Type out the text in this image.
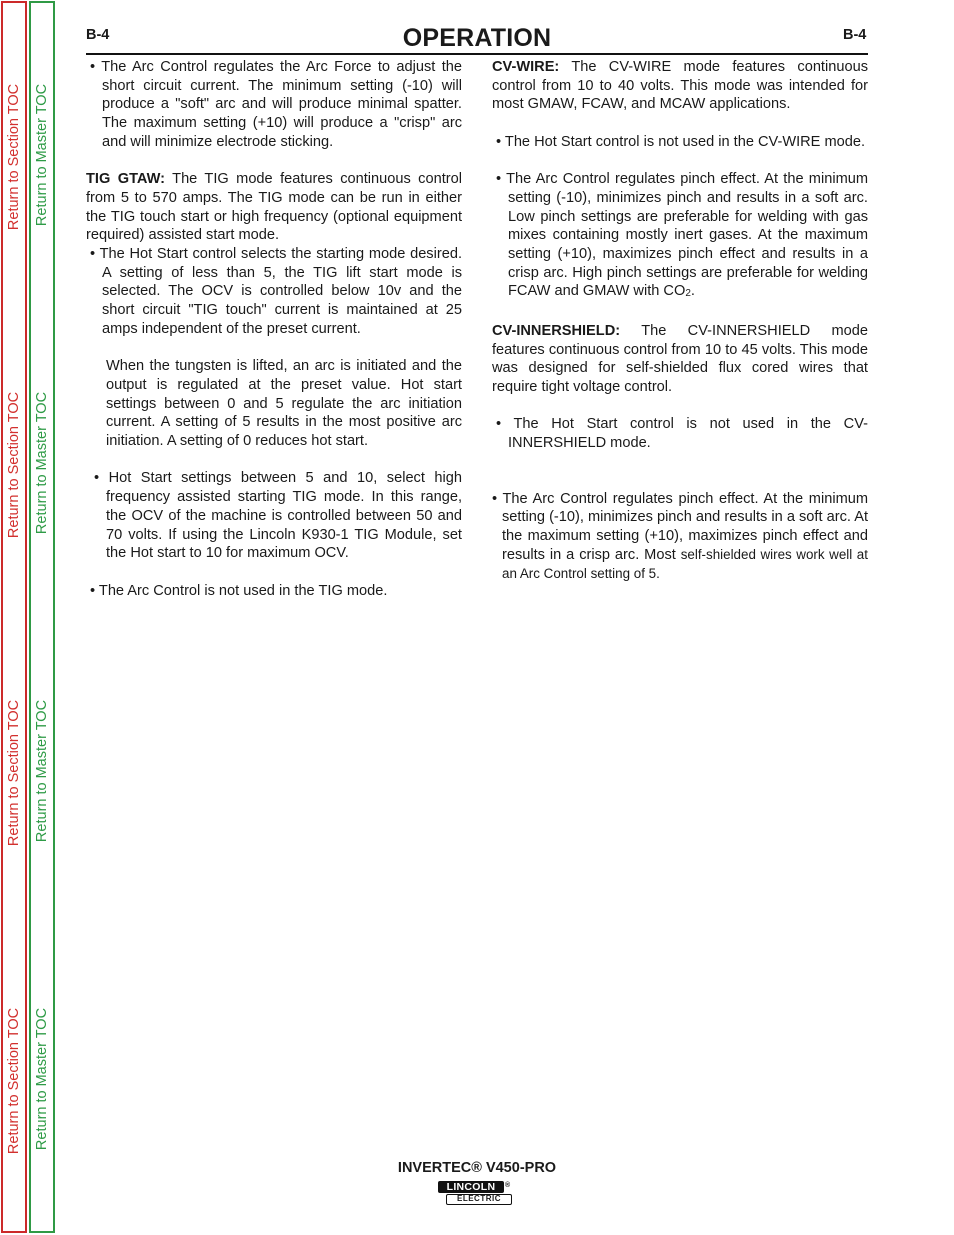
Return to Section TOC
Return to Section TOC
Return to Section TOC
Return to Section TOC
Return to Master TOC
Return to Master TOC
Return to Master TOC
Return to Master TOC
B-4	OPERATION	B-4

• The Arc Control regulates the Arc Force to adjust the short circuit current. The minimum setting (-10) will produce a "soft" arc and will produce minimal spatter. The maximum setting (+10) will produce a "crisp" arc and will minimize electrode sticking.

TIG GTAW: The TIG mode features continuous control from 5 to 570 amps. The TIG mode can be run in either the TIG touch start or high frequency (optional equipment required) assisted start mode.

• The Hot Start control selects the starting mode desired. A setting of less than 5, the TIG lift start mode is selected. The OCV is controlled below 10v and the short circuit "TIG touch" current is maintained at 25 amps independent of the preset current.

When the tungsten is lifted, an arc is initiated and the output is regulated at the preset value. Hot start settings between 0 and 5 regulate the arc initiation current. A setting of 5 results in the most positive arc initiation. A setting of 0 reduces hot start.

• Hot Start settings between 5 and 10, select high frequency assisted starting TIG mode. In this range, the OCV of the machine is controlled between 50 and 70 volts. If using the Lincoln K930-1 TIG Module, set the Hot start to 10 for maximum OCV.

• The Arc Control is not used in the TIG mode.

CV-WIRE: The CV-WIRE mode features continuous control from 10 to 40 volts. This mode was intended for most GMAW, FCAW, and MCAW applications.

• The Hot Start control is not used in the CV-WIRE mode.

• The Arc Control regulates pinch effect. At the minimum setting (-10), minimizes pinch and results in a soft arc. Low pinch settings are preferable for welding with gas mixes containing mostly inert gases. At the maximum setting (+10), maximizes pinch effect and results in a crisp arc. High pinch settings are preferable for welding FCAW and GMAW with $CO_2$.

CV-INNERSHIELD: The CV-INNERSHIELD mode features continuous control from 10 to 45 volts. This mode was designed for self-shielded flux cored wires that require tight voltage control.

• The Hot Start control is not used in the CV-INNERSHIELD mode.

• The Arc Control regulates pinch effect. At the minimum setting (-10), minimizes pinch and results in a soft arc. At the maximum setting (+10), maximizes pinch effect and results in a crisp arc. Most self-shielded wires work well at an Arc Control setting of 5.

INVERTEC® V450-PRO
LINCOLN	®
ELECTRIC
